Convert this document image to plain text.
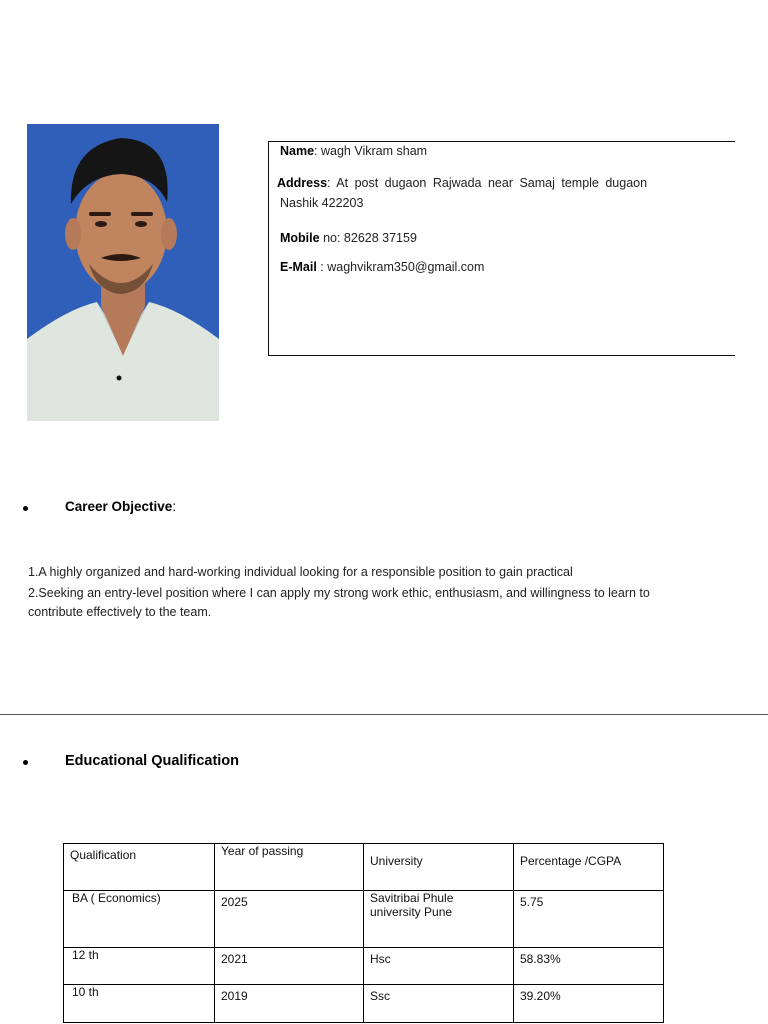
Name: wagh Vikram sham
Address: At post dugaon Rajwada near Samaj temple dugaon
Nashik 422203
Mobile no: 82628 37159
E-Mail : waghvikram350@gmail.com
Career Objective:
1.A highly organized and hard-working individual looking for a responsible position to gain practical
2.Seeking an entry-level position where I can apply my strong work ethic, enthusiasm, and willingness to learn to
contribute effectively to the team.
Educational Qualification
Qualification	Year of passing	University	Percentage /CGPA
BA ( Economics)	2025	Savitribai Phule university Pune	5.75
12 th	2021	Hsc	58.83%
10 th	2019	Ssc	39.20%
